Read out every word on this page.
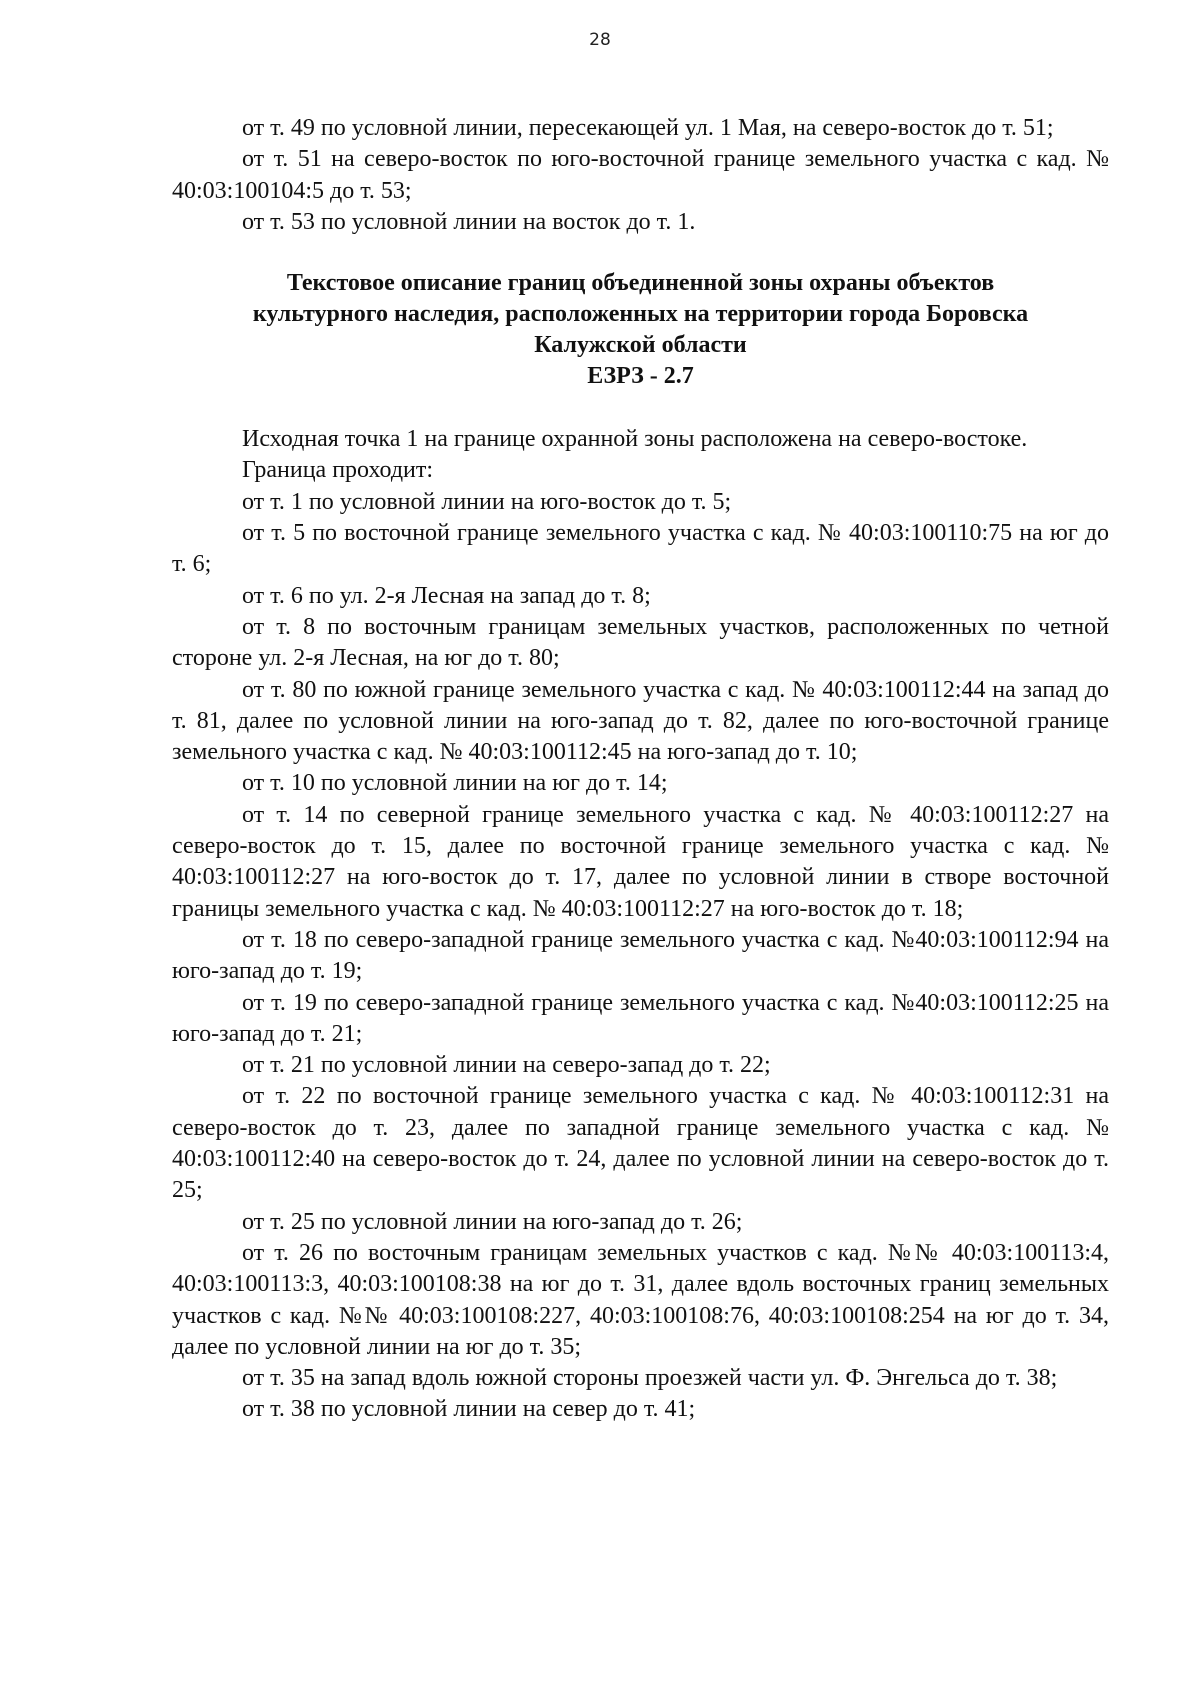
28

от т. 49 по условной линии, пересекающей ул. 1 Мая, на северо-восток до т. 51;

от т. 51 на северо-восток по юго-восточной границе земельного участка с кад. № 40:03:100104:5 до т. 53;

от т. 53 по условной линии на восток до т. 1.

Текстовое описание границ объединенной зоны охраны объектов

культурного наследия, расположенных на территории города Боровска

Калужской области

ЕЗРЗ - 2.7

Исходная точка 1 на границе охранной зоны расположена на северо-востоке.

Граница проходит:

от т. 1 по условной линии на юго-восток до т. 5;

от т. 5 по восточной границе земельного участка с кад. № 40:03:100110:75 на юг до т. 6;

от т. 6 по ул. 2-я Лесная на запад до т. 8;

от т. 8 по восточным границам земельных участков, расположенных по четной стороне ул. 2-я Лесная, на юг до т. 80;

от т. 80 по южной границе земельного участка с кад. № 40:03:100112:44 на запад до т. 81, далее по условной линии на юго-запад до т. 82, далее по юго-восточной границе земельного участка с кад. № 40:03:100112:45 на юго-запад до т. 10;

от т. 10 по условной линии на юг до т. 14;

от т. 14 по северной границе земельного участка с кад. № 40:03:100112:27 на северо-восток до т. 15, далее по восточной границе земельного участка с кад. № 40:03:100112:27 на юго-восток до т. 17, далее по условной линии в створе восточной границы земельного участка с кад. № 40:03:100112:27 на юго-восток до т. 18;

от т. 18 по северо-западной границе земельного участка с кад. №40:03:100112:94 на юго-запад до т. 19;

от т. 19 по северо-западной границе земельного участка с кад. №40:03:100112:25 на юго-запад до т. 21;

от т. 21 по условной линии на северо-запад до т. 22;

от т. 22 по восточной границе земельного участка с кад. № 40:03:100112:31 на северо-восток до т. 23, далее по западной границе земельного участка с кад. № 40:03:100112:40 на северо-восток до т. 24, далее по условной линии на северо-восток до т. 25;

от т. 25 по условной линии на юго-запад до т. 26;

от т. 26 по восточным границам земельных участков с кад. №№ 40:03:100113:4, 40:03:100113:3, 40:03:100108:38 на юг до т. 31, далее вдоль восточных границ земельных участков с кад. №№ 40:03:100108:227, 40:03:100108:76, 40:03:100108:254 на юг до т. 34, далее по условной линии на юг до т. 35;

от т. 35 на запад вдоль южной стороны проезжей части ул. Ф. Энгельса до т. 38;

от т. 38 по условной линии на север до т. 41;
